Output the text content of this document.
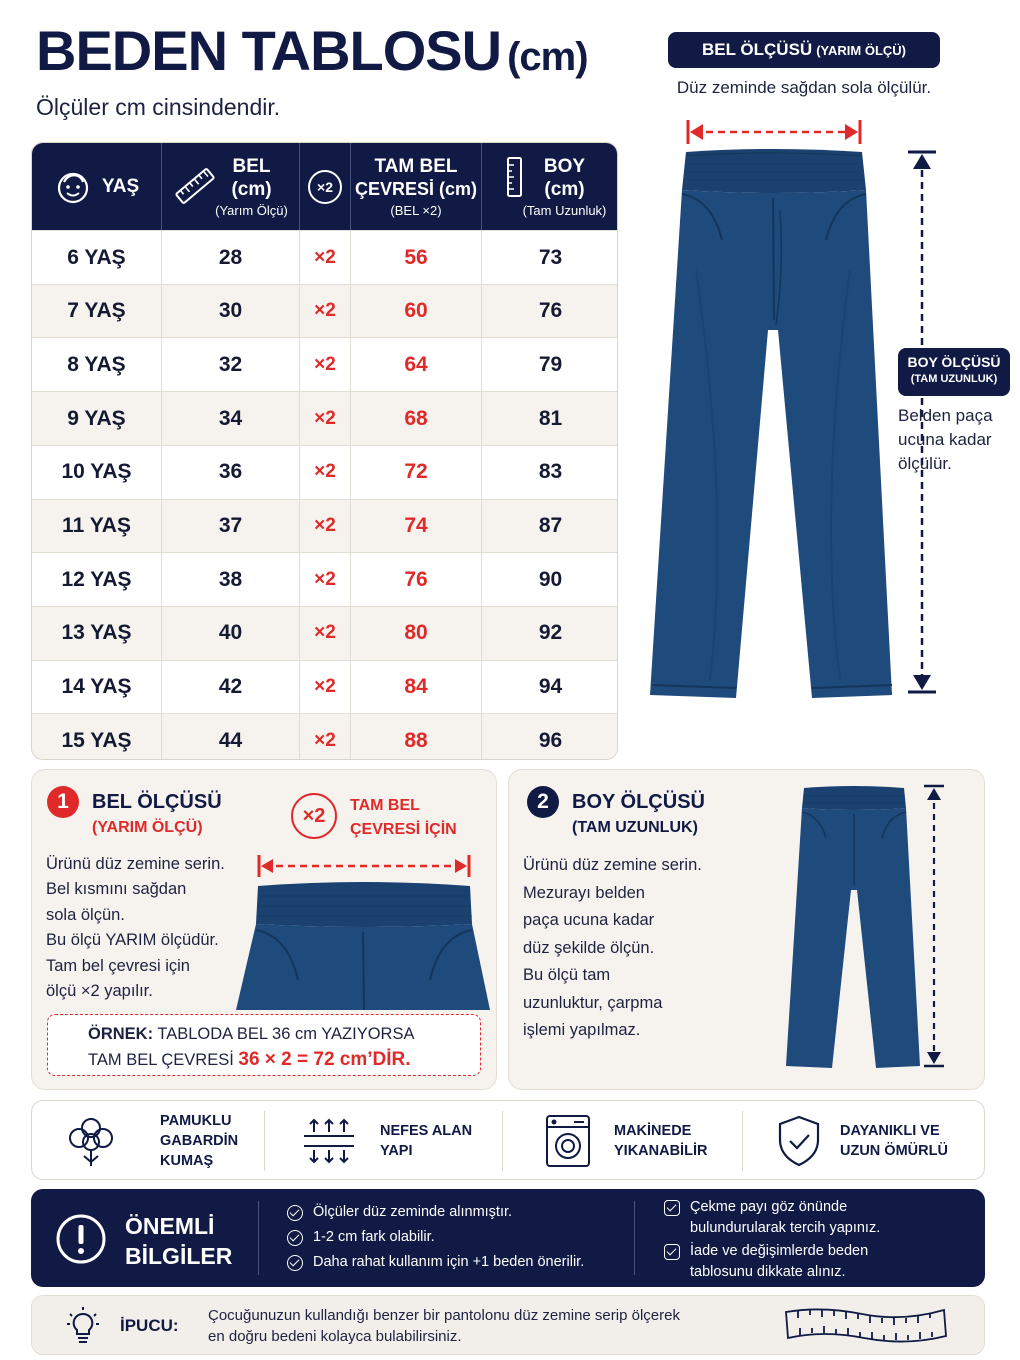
BEDEN TABLOSU (cm)
Ölçüler cm cinsindendir.
YAŞ
BEL
(cm)
(Yarım Ölçü)
×2
TAM BEL
ÇEVRESİ (cm)
(BEL ×2)
BOY
(cm)
(Tam Uzunluk)
6 YAŞ	28	×2	56	73
7 YAŞ	30	×2	60	76
8 YAŞ	32	×2	64	79
9 YAŞ	34	×2	68	81
10 YAŞ	36	×2	72	83
11 YAŞ	37	×2	74	87
12 YAŞ	38	×2	76	90
13 YAŞ	40	×2	80	92
14 YAŞ	42	×2	84	94
15 YAŞ	44	×2	88	96
BEL ÖLÇÜSÜ (YARIM ÖLÇÜ)
Düz zeminde sağdan sola ölçülür.
BOY ÖLÇÜSÜ
(TAM UZUNLUK)
Belden paça ucuna kadar ölçülür.
1	BEL ÖLÇÜSÜ
(YARIM ÖLÇÜ)
×2	TAM BEL
ÇEVRESİ İÇİN
Ürünü düz zemine serin.
Bel kısmını sağdan
sola ölçün.
Bu ölçü YARIM ölçüdür.
Tam bel çevresi için
ölçü ×2 yapılır.
ÖRNEK: TABLODA BEL 36 cm YAZIYORSA
TAM BEL ÇEVRESİ 36 × 2 = 72 cm’DİR.
2	BOY ÖLÇÜSÜ
(TAM UZUNLUK)
Ürünü düz zemine serin.
Mezurayı belden
paça ucuna kadar
düz şekilde ölçün.
Bu ölçü tam
uzunluktur, çarpma
işlemi yapılmaz.
PAMUKLU
GABARDİN
KUMAŞ
NEFES ALAN
YAPI
MAKİNEDE
YIKANABİLİR
DAYANIKLI VE
UZUN ÖMÜRLÜ
ÖNEMLİ
BİLGİLER
Ölçüler düz zeminde alınmıştır.
1-2 cm fark olabilir.
Daha rahat kullanım için +1 beden önerilir.
Çekme payı göz önünde
bulundurularak tercih yapınız.
İade ve değişimlerde beden
tablosunu dikkate alınız.
İPUCU:
Çocuğunuzun kullandığı benzer bir pantolonu düz zemine serip ölçerek
en doğru bedeni kolayca bulabilirsiniz.
